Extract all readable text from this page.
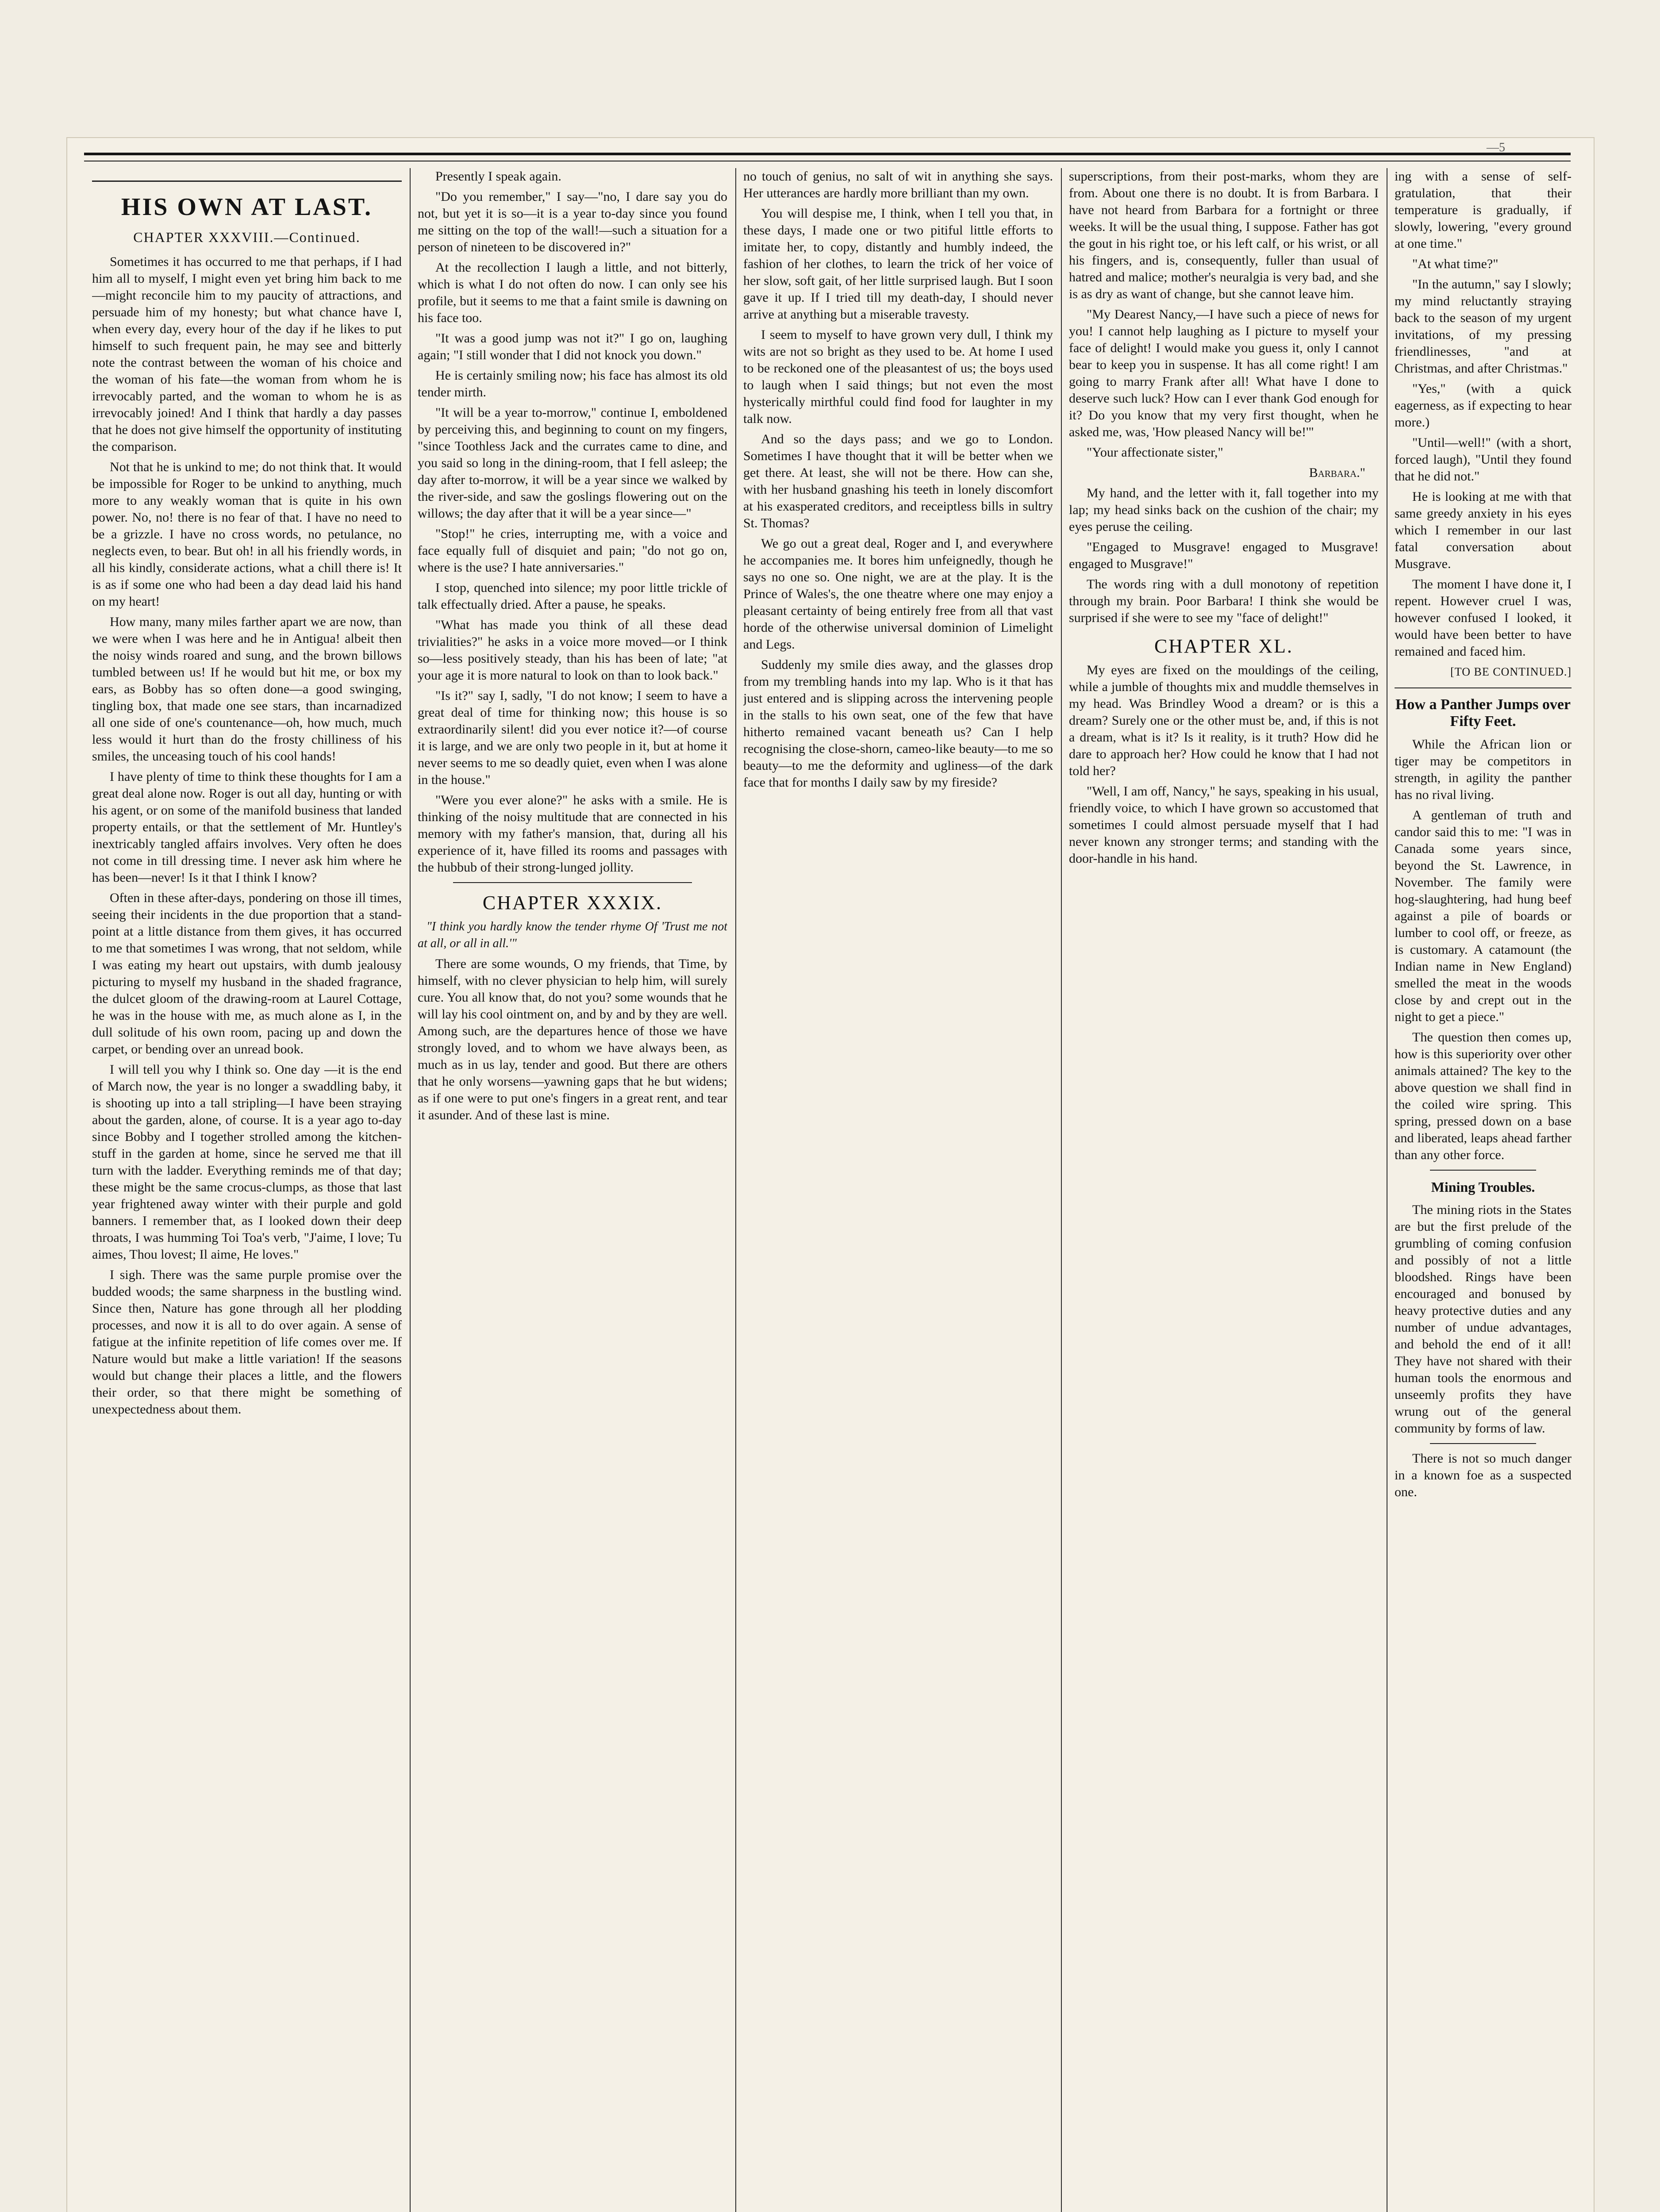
—5
HIS OWN AT LAST.
CHAPTER XXXVIII.—Continued.

Sometimes it has occurred to me that perhaps, if I had him all to myself, I might even yet bring him back to me—might reconcile him to my paucity of attractions, and persuade him of my honesty; but what chance have I, when every day, every hour of the day if he likes to put himself to such frequent pain, he may see and bitterly note the contrast between the woman of his choice and the woman of his fate—the woman from whom he is irrevocably parted, and the woman to whom he is as irrevocably joined! And I think that hardly a day passes that he does not give himself the opportunity of instituting the comparison.

Not that he is unkind to me; do not think that. It would be impossible for Roger to be unkind to anything, much more to any weakly woman that is quite in his own power. No, no! there is no fear of that. I have no need to be a grizzle. I have no cross words, no petulance, no neglects even, to bear. But oh! in all his friendly words, in all his kindly, considerate actions, what a chill there is! It is as if some one who had been a day dead laid his hand on my heart!

How many, many miles farther apart we are now, than we were when I was here and he in Antigua! albeit then the noisy winds roared and sung, and the brown billows tumbled between us! If he would but hit me, or box my ears, as Bobby has so often done—a good swinging, tingling box, that made one see stars, than incarnadized all one side of one's countenance—oh, how much, much less would it hurt than do the frosty chilliness of his smiles, the unceasing touch of his cool hands!

I have plenty of time to think these thoughts for I am a great deal alone now. Roger is out all day, hunting or with his agent, or on some of the manifold business that landed property entails, or that the settlement of Mr. Huntley's inextricably tangled affairs involves. Very often he does not come in till dressing time. I never ask him where he has been—never! Is it that I think I know?

Often in these after-days, pondering on those ill times, seeing their incidents in the due proportion that a stand-point at a little distance from them gives, it has occurred to me that sometimes I was wrong, that not seldom, while I was eating my heart out upstairs, with dumb jealousy picturing to myself my husband in the shaded fragrance, the dulcet gloom of the drawing-room at Laurel Cottage, he was in the house with me, as much alone as I, in the dull solitude of his own room, pacing up and down the carpet, or bending over an unread book.

I will tell you why I think so. One day —it is the end of March now, the year is no longer a swaddling baby, it is shooting up into a tall stripling—I have been straying about the garden, alone, of course. It is a year ago to-day since Bobby and I together strolled among the kitchen-stuff in the garden at home, since he served me that ill turn with the ladder. Everything reminds me of that day; these might be the same crocus-clumps, as those that last year frightened away winter with their purple and gold banners. I remember that, as I looked down their deep throats, I was humming Toi Toa's verb, "J'aime, I love; Tu aimes, Thou lovest; Il aime, He loves."

I sigh. There was the same purple promise over the budded woods; the same sharpness in the bustling wind. Since then, Nature has gone through all her plodding processes, and now it is all to do over again. A sense of fatigue at the infinite repetition of life comes over me. If Nature would but make a little variation! If the seasons would but change their places a little, and the flowers their order, so that there might be something of unexpectedness about them.

Presently I speak again.

"Do you remember," I say—"no, I dare say you do not, but yet it is so—it is a year to-day since you found me sitting on the top of the wall!—such a situation for a person of nineteen to be discovered in?"

At the recollection I laugh a little, and not bitterly, which is what I do not often do now. I can only see his profile, but it seems to me that a faint smile is dawning on his face too.

"It was a good jump was not it?" I go on, laughing again; "I still wonder that I did not knock you down."

He is certainly smiling now; his face has almost its old tender mirth.

"It will be a year to-morrow," continue I, emboldened by perceiving this, and beginning to count on my fingers, "since Toothless Jack and the currates came to dine, and you said so long in the dining-room, that I fell asleep; the day after to-morrow, it will be a year since we walked by the river-side, and saw the goslings flowering out on the willows; the day after that it will be a year since—"

"Stop!" he cries, interrupting me, with a voice and face equally full of disquiet and pain; "do not go on, where is the use? I hate anniversaries."

I stop, quenched into silence; my poor little trickle of talk effectually dried. After a pause, he speaks.

"What has made you think of all these dead trivialities?" he asks in a voice more moved—or I think so—less positively steady, than his has been of late; "at your age it is more natural to look on than to look back."

"Is it?" say I, sadly, "I do not know; I seem to have a great deal of time for thinking now; this house is so extraordinarily silent! did you ever notice it?—of course it is large, and we are only two people in it, but at home it never seems to me so deadly quiet, even when I was alone in the house."

"Were you ever alone?" he asks with a smile. He is thinking of the noisy multitude that are connected in his memory with my father's mansion, that, during all his experience of it, have filled its rooms and passages with the hubbub of their strong-lunged jollity.

CHAPTER XXXIX.

"I think you hardly know the tender rhyme Of 'Trust me not at all, or all in all.'"

There are some wounds, O my friends, that Time, by himself, with no clever physician to help him, will surely cure. You all know that, do not you? some wounds that he will lay his cool ointment on, and by and by they are well. Among such, are the departures hence of those we have strongly loved, and to whom we have always been, as much as in us lay, tender and good. But there are others that he only worsens—yawning gaps that he but widens; as if one were to put one's fingers in a great rent, and tear it asunder. And of these last is mine.

no touch of genius, no salt of wit in anything she says. Her utterances are hardly more brilliant than my own.

You will despise me, I think, when I tell you that, in these days, I made one or two pitiful little efforts to imitate her, to copy, distantly and humbly indeed, the fashion of her clothes, to learn the trick of her voice of her slow, soft gait, of her little surprised laugh. But I soon gave it up. If I tried till my death-day, I should never arrive at anything but a miserable travesty.

I seem to myself to have grown very dull, I think my wits are not so bright as they used to be. At home I used to be reckoned one of the pleasantest of us; the boys used to laugh when I said things; but not even the most hysterically mirthful could find food for laughter in my talk now.

And so the days pass; and we go to London. Sometimes I have thought that it will be better when we get there. At least, she will not be there. How can she, with her husband gnashing his teeth in lonely discomfort at his exasperated creditors, and receiptless bills in sultry St. Thomas?

We go out a great deal, Roger and I, and everywhere he accompanies me. It bores him unfeignedly, though he says no one so. One night, we are at the play. It is the Prince of Wales's, the one theatre where one may enjoy a pleasant certainty of being entirely free from all that vast horde of the otherwise universal dominion of Limelight and Legs.

Suddenly my smile dies away, and the glasses drop from my trembling hands into my lap. Who is it that has just entered and is slipping across the intervening people in the stalls to his own seat, one of the few that have hitherto remained vacant beneath us? Can I help recognising the close-shorn, cameo-like beauty—to me so beauty—to me the deformity and ugliness—of the dark face that for months I daily saw by my fireside?

superscriptions, from their post-marks, whom they are from. About one there is no doubt. It is from Barbara. I have not heard from Barbara for a fortnight or three weeks. It will be the usual thing, I suppose. Father has got the gout in his right toe, or his left calf, or his wrist, or all his fingers, and is, consequently, fuller than usual of hatred and malice; mother's neuralgia is very bad, and she is as dry as want of change, but she cannot leave him.

"My Dearest Nancy,—I have such a piece of news for you! I cannot help laughing as I picture to myself your face of delight! I would make you guess it, only I cannot bear to keep you in suspense. It has all come right! I am going to marry Frank after all! What have I done to deserve such luck? How can I ever thank God enough for it? Do you know that my very first thought, when he asked me, was, 'How pleased Nancy will be!'"

"Your affectionate sister,"

Barbara."

My hand, and the letter with it, fall together into my lap; my head sinks back on the cushion of the chair; my eyes peruse the ceiling.

"Engaged to Musgrave! engaged to Musgrave! engaged to Musgrave!"

The words ring with a dull monotony of repetition through my brain. Poor Barbara! I think she would be surprised if she were to see my "face of delight!"

CHAPTER XL.

My eyes are fixed on the mouldings of the ceiling, while a jumble of thoughts mix and muddle themselves in my head. Was Brindley Wood a dream? or is this a dream? Surely one or the other must be, and, if this is not a dream, what is it? Is it reality, is it truth? How did he dare to approach her? How could he know that I had not told her?

"Well, I am off, Nancy," he says, speaking in his usual, friendly voice, to which I have grown so accustomed that sometimes I could almost persuade myself that I had never known any stronger terms; and standing with the door-handle in his hand.

ing with a sense of self-gratulation, that their temperature is gradually, if slowly, lowering, "every ground at one time."

"At what time?"

"In the autumn," say I slowly; my mind reluctantly straying back to the season of my urgent invitations, of my pressing friendlinesses, "and at Christmas, and after Christmas."

"Yes," (with a quick eagerness, as if expecting to hear more.)

"Until—well!" (with a short, forced laugh), "Until they found that he did not."

He is looking at me with that same greedy anxiety in his eyes which I remember in our last fatal conversation about Musgrave.

The moment I have done it, I repent. However cruel I was, however confused I looked, it would have been better to have remained and faced him.

[TO BE CONTINUED.]
How a Panther Jumps over Fifty Feet.

While the African lion or tiger may be competitors in strength, in agility the panther has no rival living.

A gentleman of truth and candor said this to me: "I was in Canada some years since, beyond the St. Lawrence, in November. The family were hog-slaughtering, had hung beef against a pile of boards or lumber to cool off, or freeze, as is customary. A catamount (the Indian name in New England) smelled the meat in the woods close by and crept out in the night to get a piece."

The question then comes up, how is this superiority over other animals attained? The key to the above question we shall find in the coiled wire spring. This spring, pressed down on a base and liberated, leaps ahead farther than any other force.

Mining Troubles.

The mining riots in the States are but the first prelude of the grumbling of coming confusion and possibly of not a little bloodshed. Rings have been encouraged and bonused by heavy protective duties and any number of undue advantages, and behold the end of it all! They have not shared with their human tools the enormous and unseemly profits they have wrung out of the general community by forms of law.

There is not so much danger in a known foe as a suspected one.
